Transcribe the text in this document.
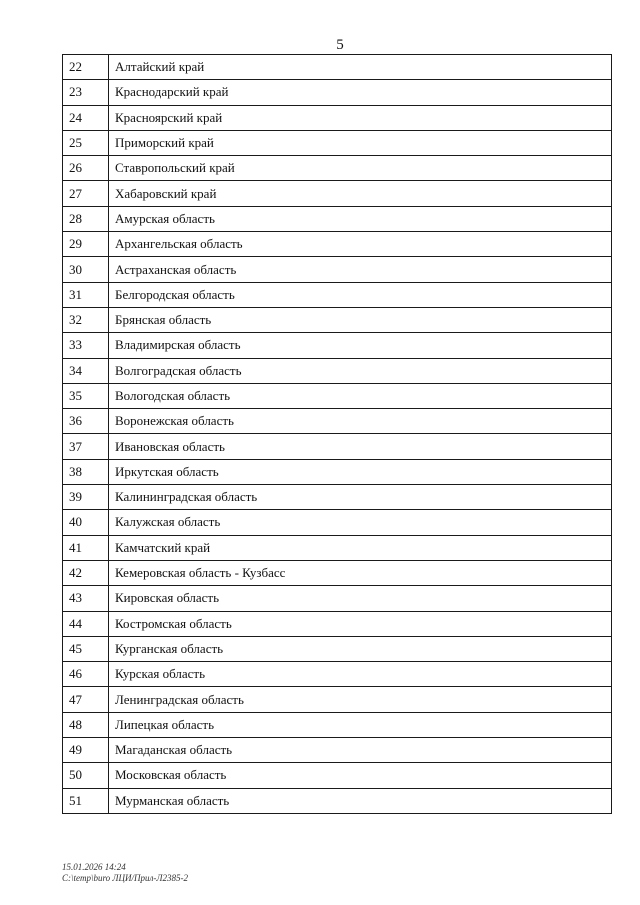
5
22	Алтайский край
23	Краснодарский край
24	Красноярский край
25	Приморский край
26	Ставропольский край
27	Хабаровский край
28	Амурская область
29	Архангельская область
30	Астраханская область
31	Белгородская область
32	Брянская область
33	Владимирская область
34	Волгоградская область
35	Вологодская область
36	Воронежская область
37	Ивановская область
38	Иркутская область
39	Калининградская область
40	Калужская область
41	Камчатский край
42	Кемеровская область - Кузбасс
43	Кировская область
44	Костромская область
45	Курганская область
46	Курская область
47	Ленинградская область
48	Липецкая область
49	Магаданская область
50	Московская область
51	Мурманская область
15.01.2026 14:24
C:\temp\buro ЛЦИ/Прил-Л2385-2
